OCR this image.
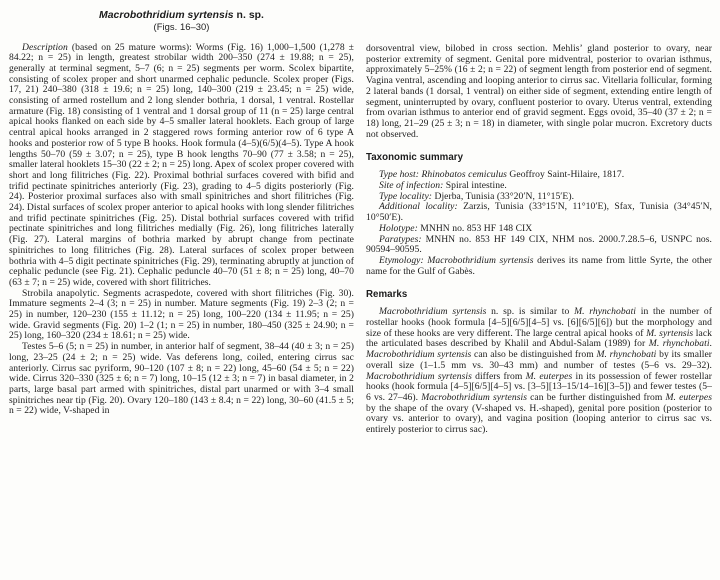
Macrobothridium syrtensis n. sp.
(Figs. 16–30)

Description (based on 25 mature worms): Worms (Fig. 16) 1,000–1,500 (1,278 ± 84.22; n = 25) in length, greatest strobilar width 200–350 (274 ± 19.88; n = 25), generally at terminal segment, 5–7 (6; n = 25) segments per worm. Scolex bipartite, consisting of scolex proper and short unarmed cephalic peduncle. Scolex proper (Figs. 17, 21) 240–380 (318 ± 19.6; n = 25) long, 140–300 (219 ± 23.45; n = 25) wide, consisting of armed rostellum and 2 long slender bothria, 1 dorsal, 1 ventral. Rostellar armature (Fig. 18) consisting of 1 ventral and 1 dorsal group of 11 (n = 25) large central apical hooks flanked on each side by 4–5 smaller lateral hooklets. Each group of large central apical hooks arranged in 2 staggered rows forming anterior row of 6 type A hooks and posterior row of 5 type B hooks. Hook formula (4–5)(6/5)(4–5). Type A hook lengths 50–70 (59 ± 3.07; n = 25), type B hook lengths 70–90 (77 ± 3.58; n = 25), smaller lateral hooklets 15–30 (22 ± 2; n = 25) long. Apex of scolex proper covered with short and long filitriches (Fig. 22). Proximal bothrial surfaces covered with bifid and trifid pectinate spinitriches anteriorly (Fig. 23), grading to 4–5 digits posteriorly (Fig. 24). Posterior proximal surfaces also with small spinitriches and short filitriches (Fig. 24). Distal surfaces of scolex proper anterior to apical hooks with long slender filitriches and trifid pectinate spinitriches (Fig. 25). Distal bothrial surfaces covered with trifid pectinate spinitriches and long filitriches medially (Fig. 26), long filitriches laterally (Fig. 27). Lateral margins of bothria marked by abrupt change from pectinate spinitriches to long filitriches (Fig. 28). Lateral surfaces of scolex proper between bothria with 4–5 digit pectinate spinitriches (Fig. 29), terminating abruptly at junction of cephalic peduncle (see Fig. 21). Cephalic peduncle 40–70 (51 ± 8; n = 25) long, 40–70 (63 ± 7; n = 25) wide, covered with short filitriches.

Strobila anapolytic. Segments acraspedote, covered with short filitriches (Fig. 30). Immature segments 2–4 (3; n = 25) in number. Mature segments (Fig. 19) 2–3 (2; n = 25) in number, 120–230 (155 ± 11.12; n = 25) long, 100–220 (134 ± 11.95; n = 25) wide. Gravid segments (Fig. 20) 1–2 (1; n = 25) in number, 180–450 (325 ± 24.90; n = 25) long, 160–320 (234 ± 18.61; n = 25) wide.

Testes 5–6 (5; n = 25) in number, in anterior half of segment, 38–44 (40 ± 3; n = 25) long, 23–25 (24 ± 2; n = 25) wide. Vas deferens long, coiled, entering cirrus sac anteriorly. Cirrus sac pyriform, 90–120 (107 ± 8; n = 22) long, 45–60 (54 ± 5; n = 22) wide. Cirrus 320–330 (325 ± 6; n = 7) long, 10–15 (12 ± 3; n = 7) in basal diameter, in 2 parts, large basal part armed with spinitriches, distal part unarmed or with 3–4 small spinitriches near tip (Fig. 20). Ovary 120–180 (143 ± 8.4; n = 22) long, 30–60 (41.5 ± 5; n = 22) wide, V-shaped in

dorsoventral view, bilobed in cross section. Mehlis’ gland posterior to ovary, near posterior extremity of segment. Genital pore midventral, posterior to ovarian isthmus, approximately 5–25% (16 ± 2; n = 22) of segment length from posterior end of segment. Vagina ventral, ascending and looping anterior to cirrus sac. Vitellaria follicular, forming 2 lateral bands (1 dorsal, 1 ventral) on either side of segment, extending entire length of segment, uninterrupted by ovary, confluent posterior to ovary. Uterus ventral, extending from ovarian isthmus to anterior end of gravid segment. Eggs ovoid, 35–40 (37 ± 2; n = 18) long, 21–29 (25 ± 3; n = 18) in diameter, with single polar mucron. Excretory ducts not observed.

Taxonomic summary

Type host: Rhinobatos cemiculus Geoffroy Saint-Hilaire, 1817.

Site of infection: Spiral intestine.

Type locality: Djerba, Tunisia (33°20′N, 11°15′E).

Additional locality: Zarzis, Tunisia (33°15′N, 11°10′E), Sfax, Tunisia (34°45′N, 10°50′E).

Holotype: MNHN no. 853 HF 148 CIX

Paratypes: MNHN no. 853 HF 149 CIX, NHM nos. 2000.7.28.5–6, USNPC nos. 90594–90595.

Etymology: Macrobothridium syrtensis derives its name from little Syrte, the other name for the Gulf of Gabès.

Remarks

Macrobothridium syrtensis n. sp. is similar to M. rhynchobati in the number of rostellar hooks (hook formula [4–5][6/5][4–5] vs. [6][6/5][6]) but the morphology and size of these hooks are very different. The large central apical hooks of M. syrtensis lack the articulated bases described by Khalil and Abdul-Salam (1989) for M. rhynchobati. Macrobothridium syrtensis can also be distinguished from M. rhynchobati by its smaller overall size (1–1.5 mm vs. 30–43 mm) and number of testes (5–6 vs. 29–32). Macrobothridium syrtensis differs from M. euterpes in its possession of fewer rostellar hooks (hook formula [4–5][6/5][4–5] vs. [3–5][13–15/14–16][3–5]) and fewer testes (5–6 vs. 27–46). Macrobothridium syrtensis can be further distinguished from M. euterpes by the shape of the ovary (V-shaped vs. H.-shaped), genital pore position (posterior to ovary vs. anterior to ovary), and vagina position (looping anterior to cirrus sac vs. entirely posterior to cirrus sac).
